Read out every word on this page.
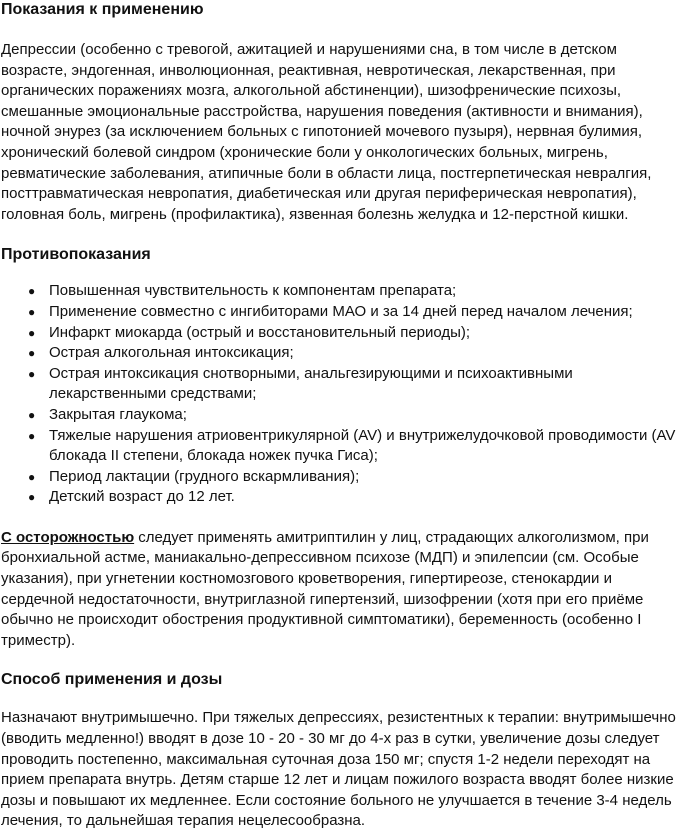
Показания к применению

Депрессии (особенно с тревогой, ажитацией и нарушениями сна, в том числе в детском возрасте, эндогенная, инволюционная, реактивная, невротическая, лекарственная, при органических поражениях мозга, алкогольной абстиненции), шизофренические психозы, смешанные эмоциональные расстройства, нарушения поведения (активности и внимания), ночной энурез (за исключением больных с гипотонией мочевого пузыря), нервная булимия, хронический болевой синдром (хронические боли у онкологических больных, мигрень, ревматические заболевания, атипичные боли в области лица, постгерпетическая невралгия, посттравматическая невропатия, диабетическая или другая периферическая невропатия), головная боль, мигрень (профилактика), язвенная болезнь желудка и 12-перстной кишки.

Противопоказания
● Повышенная чувствительность к компонентам препарата;
● Применение совместно с ингибиторами МАО и за 14 дней перед началом лечения;
● Инфаркт миокарда (острый и восстановительный периоды);
● Острая алкогольная интоксикация;
● Острая интоксикация снотворными, анальгезирующими и психоактивными лекарственными средствами;
● Закрытая глаукома;
● Тяжелые нарушения атриовентрикулярной (AV) и внутрижелудочковой проводимости (AV блокада II степени, блокада ножек пучка Гиса);
● Период лактации (грудного вскармливания);
● Детский возраст до 12 лет.

С осторожностью следует применять амитриптилин у лиц, страдающих алкоголизмом, при бронхиальной астме, маниакально-депрессивном психозе (МДП) и эпилепсии (см. Особые указания), при угнетении костномозгового кроветворения, гипертиреозе, стенокардии и сердечной недостаточности, внутриглазной гипертензий, шизофрении (хотя при его приёме обычно не происходит обострения продуктивной симптоматики), беременность (особенно I триместр).

Способ применения и дозы

Назначают внутримышечно. При тяжелых депрессиях, резистентных к терапии: внутримышечно (вводить медленно!) вводят в дозе 10 - 20 - 30 мг до 4-х раз в сутки, увеличение дозы следует проводить постепенно, максимальная суточная доза 150 мг; спустя 1-2 недели переходят на прием препарата внутрь. Детям старше 12 лет и лицам пожилого возраста вводят более низкие дозы и повышают их медленнее. Если состояние больного не улучшается в течение 3-4 недель лечения, то дальнейшая терапия нецелесообразна.
